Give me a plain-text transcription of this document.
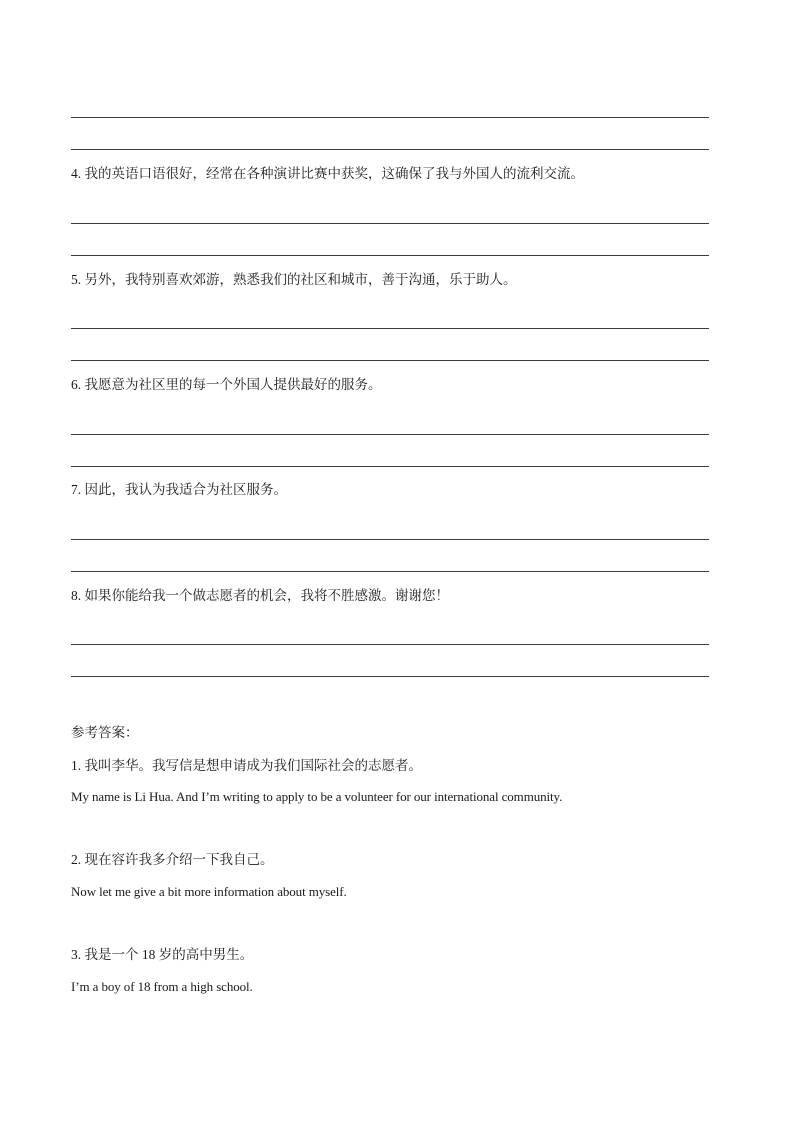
4. 我的英语口语很好，经常在各种演讲比赛中获奖，这确保了我与外国人的流利交流。
5. 另外，我特别喜欢郊游，熟悉我们的社区和城市，善于沟通，乐于助人。
6. 我愿意为社区里的每一个外国人提供最好的服务。
7. 因此，我认为我适合为社区服务。
8. 如果你能给我一个做志愿者的机会，我将不胜感激。谢谢您！
参考答案：
1. 我叫李华。我写信是想申请成为我们国际社会的志愿者。
My name is Li Hua. And I’m writing to apply to be a volunteer for our international community.
2. 现在容许我多介绍一下我自己。
Now let me give a bit more information about myself.
3. 我是一个 18 岁的高中男生。
I’m a boy of 18 from a high school.
